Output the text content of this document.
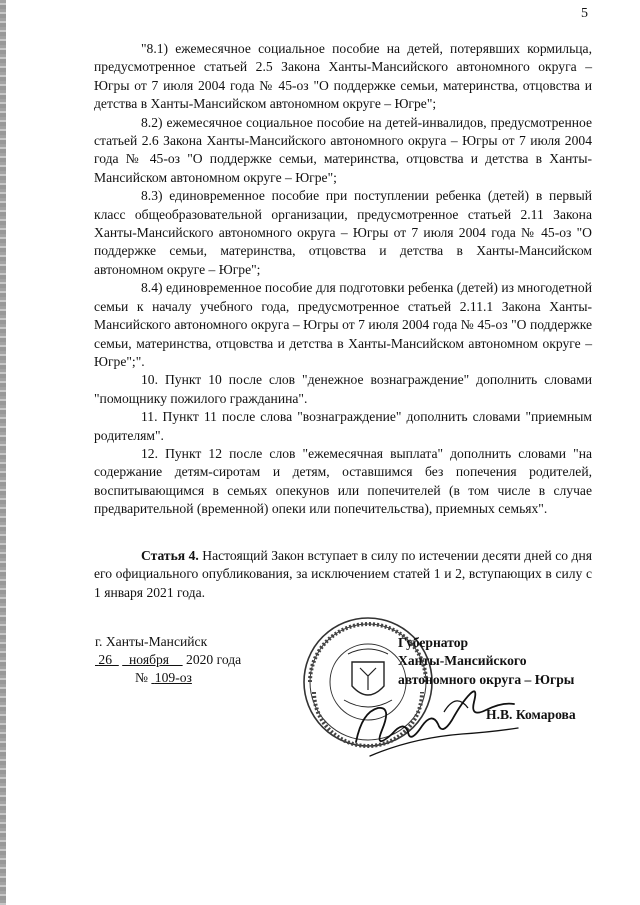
5

"8.1) ежемесячное социальное пособие на детей, потерявших кормильца, предусмотренное статьей 2.5 Закона Ханты-Мансийского автономного округа – Югры от 7 июля 2004 года № 45-оз "О поддержке семьи, материнства, отцовства и детства в Ханты-Мансийском автономном округе – Югре";

8.2) ежемесячное социальное пособие на детей-инвалидов, предусмотренное статьей 2.6 Закона Ханты-Мансийского автономного округа – Югры от 7 июля 2004 года № 45-оз "О поддержке семьи, материнства, отцовства и детства в Ханты-Мансийском автономном округе – Югре";

8.3) единовременное пособие при поступлении ребенка (детей) в первый класс общеобразовательной организации, предусмотренное статьей 2.11 Закона Ханты-Мансийского автономного округа – Югры от 7 июля 2004 года № 45-оз "О поддержке семьи, материнства, отцовства и детства в Ханты-Мансийском автономном округе – Югре";

8.4) единовременное пособие для подготовки ребенка (детей) из многодетной семьи к началу учебного года, предусмотренное статьей 2.11.1 Закона Ханты-Мансийского автономного округа – Югры от 7 июля 2004 года № 45-оз "О поддержке семьи, материнства, отцовства и детства в Ханты-Мансийском автономном округе – Югре";".

10. Пункт 10 после слов "денежное вознаграждение" дополнить словами "помощнику пожилого гражданина".

11. Пункт 11 после слова "вознаграждение" дополнить словами "приемным родителям".

12. Пункт 12 после слов "ежемесячная выплата" дополнить словами "на содержание детям-сиротам и детям, оставшимся без попечения родителей, воспитывающимся в семьях опекунов или попечителей (в том числе в случае предварительной (временной) опеки или попечительства), приемных семьях".

Статья 4. Настоящий Закон вступает в силу по истечении десяти дней со дня его официального опубликования, за исключением статей 1 и 2, вступающих в силу с 1 января 2021 года.

г. Ханты-Мансийск
26 ноября 2020 года
№ 109-оз
Губернатор
Ханты-Мансийского
автономного округа – Югры
Н.В. Комарова
